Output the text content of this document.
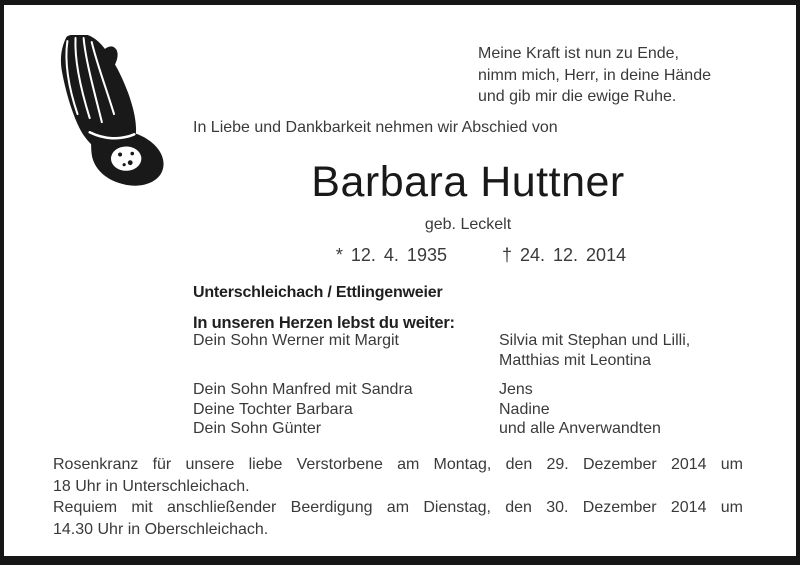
Meine Kraft ist nun zu Ende,
nimm mich, Herr, in deine Hände
und gib mir die ewige Ruhe.
In Liebe und Dankbarkeit nehmen wir Abschied von
Barbara Huttner
geb. Leckelt
* 12. 4. 1935	† 24. 12. 2014
Unterschleichach / Ettlingenweier
In unseren Herzen lebst du weiter:
Dein Sohn Werner mit Margit	Silvia mit Stephan und Lilli,
Matthias mit Leontina
Dein Sohn Manfred mit Sandra	Jens
Deine Tochter Barbara	Nadine
Dein Sohn Günter	und alle Anverwandten
Rosenkranz für unsere liebe Verstorbene am Montag, den 29. Dezember 2014 um
18 Uhr in Unterschleichach.
Requiem mit anschließender Beerdigung am Dienstag, den 30. Dezember 2014 um
14.30 Uhr in Oberschleichach.
